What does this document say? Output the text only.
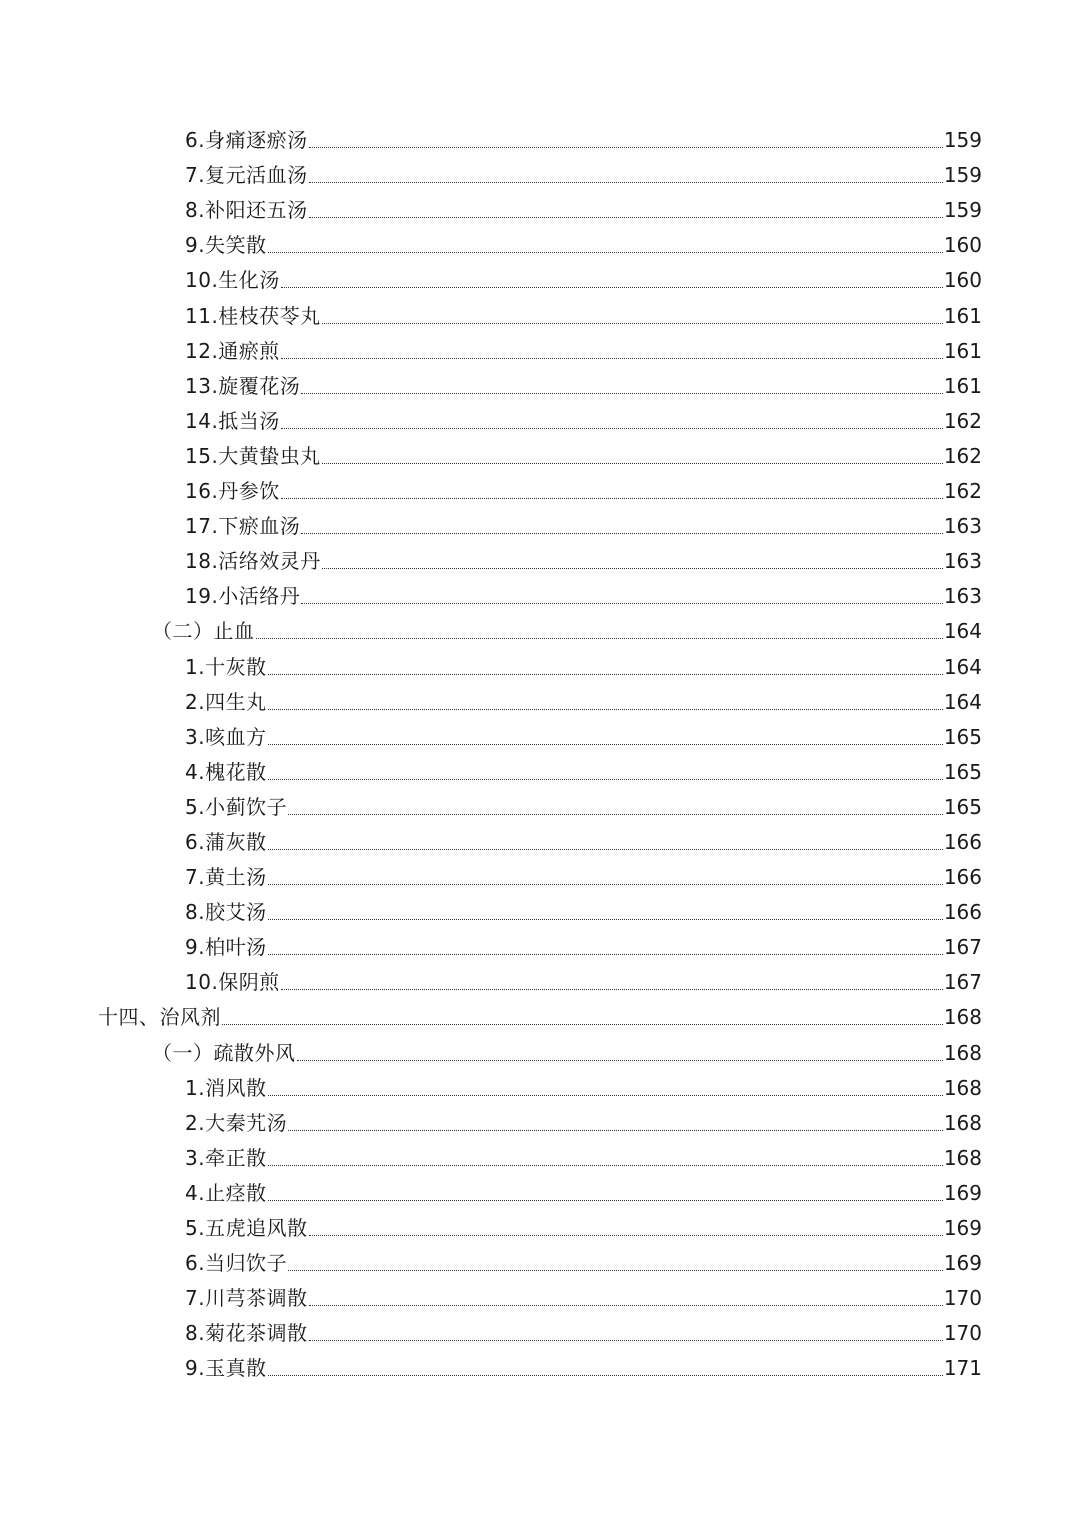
6.身痛逐瘀汤	159
7.复元活血汤	159
8.补阳还五汤	159
9.失笑散	160
10.生化汤	160
11.桂枝茯苓丸	161
12.通瘀煎	161
13.旋覆花汤	161
14.抵当汤	162
15.大黄蛰虫丸	162
16.丹参饮	162
17.下瘀血汤	163
18.活络效灵丹	163
19.小活络丹	163
（二）止血	164
1.十灰散	164
2.四生丸	164
3.咳血方	165
4.槐花散	165
5.小蓟饮子	165
6.蒲灰散	166
7.黄土汤	166
8.胶艾汤	166
9.柏叶汤	167
10.保阴煎	167
十四、治风剂	168
（一）疏散外风	168
1.消风散	168
2.大秦艽汤	168
3.牵正散	168
4.止痉散	169
5.五虎追风散	169
6.当归饮子	169
7.川芎茶调散	170
8.菊花茶调散	170
9.玉真散	171
